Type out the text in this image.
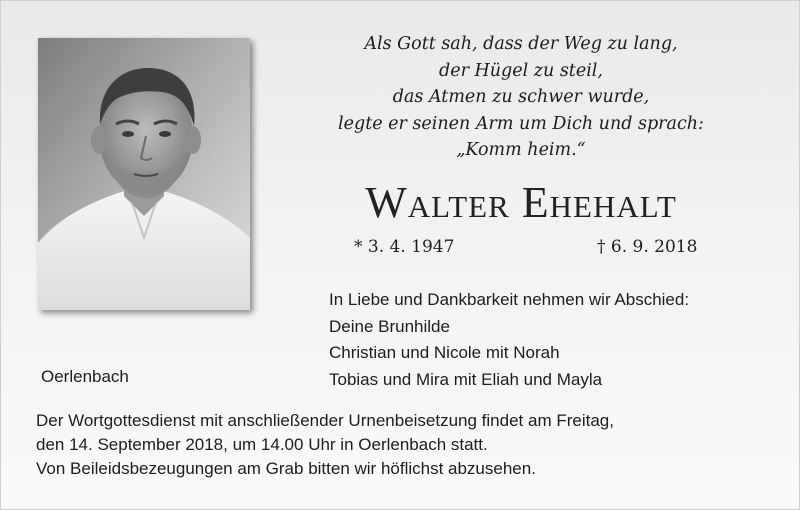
Als Gott sah, dass der Weg zu lang,
der Hügel zu steil,
das Atmen zu schwer wurde,
legte er seinen Arm um Dich und sprach:
„Komm heim.“
Walter Ehehalt
* 3. 4. 1947	† 6. 9. 2018
In Liebe und Dankbarkeit nehmen wir Abschied:
Deine Brunhilde
Christian und Nicole mit Norah
Tobias und Mira mit Eliah und Mayla
Oerlenbach
Der Wortgottesdienst mit anschließender Urnenbeisetzung findet am Freitag,
den 14. September 2018, um 14.00 Uhr in Oerlenbach statt.
Von Beileidsbezeugungen am Grab bitten wir höflichst abzusehen.
